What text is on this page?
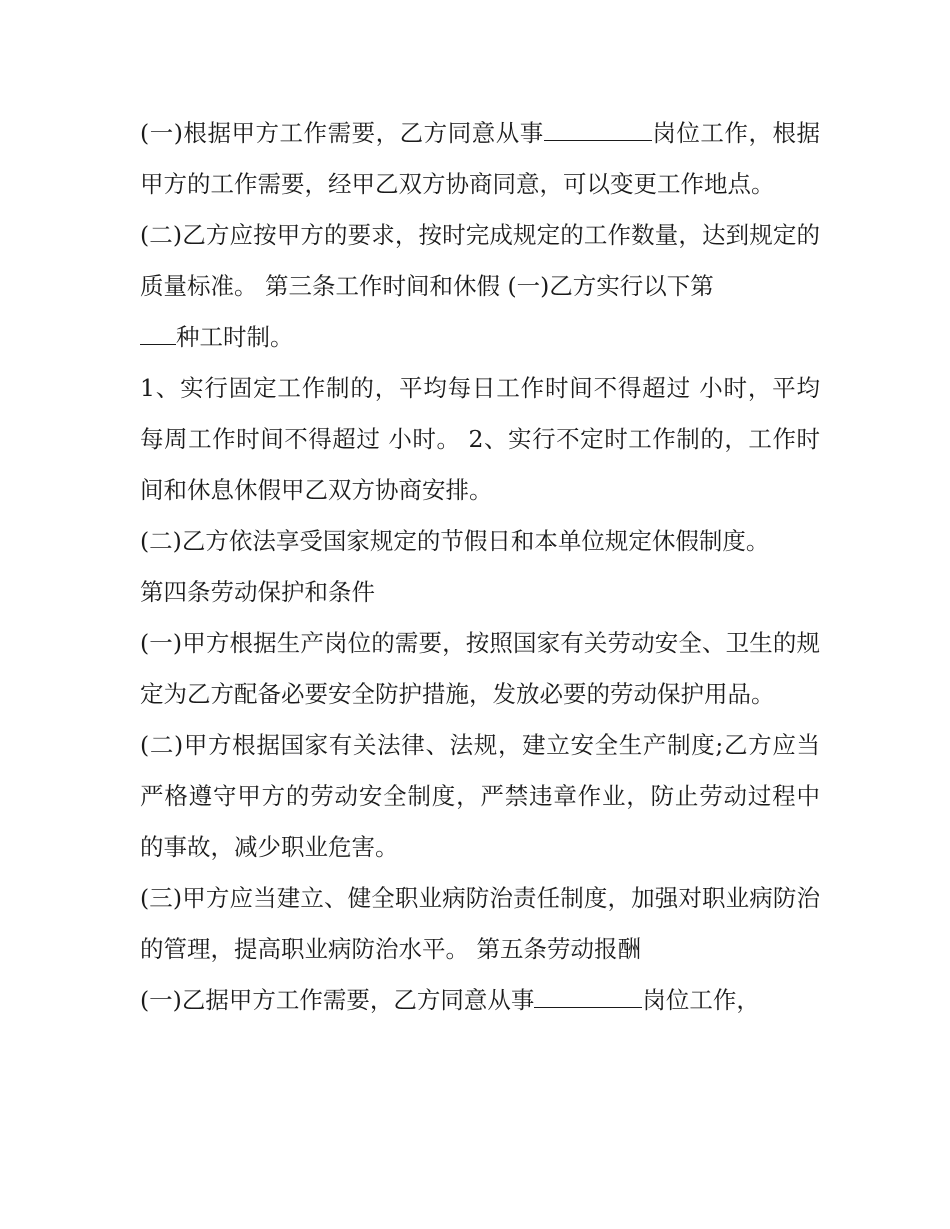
(一)根据甲方工作需要，乙方同意从事	岗位工作，根据甲方的工作需要，经甲乙双方协商同意，可以变更工作地点。

(二)乙方应按甲方的要求，按时完成规定的工作数量，达到规定的质量标准。 第三条工作时间和休假 (一)乙方实行以下第
种工时制。

1、实行固定工作制的，平均每日工作时间不得超过 小时，平均每周工作时间不得超过 小时。 2、实行不定时工作制的，工作时间和休息休假甲乙双方协商安排。

(二)乙方依法享受国家规定的节假日和本单位规定休假制度。

第四条劳动保护和条件

(一)甲方根据生产岗位的需要，按照国家有关劳动安全、卫生的规定为乙方配备必要安全防护措施，发放必要的劳动保护用品。

(二)甲方根据国家有关法律、法规，建立安全生产制度;乙方应当严格遵守甲方的劳动安全制度，严禁违章作业，防止劳动过程中的事故，减少职业危害。

(三)甲方应当建立、健全职业病防治责任制度，加强对职业病防治的管理，提高职业病防治水平。 第五条劳动报酬

(一)乙据甲方工作需要，乙方同意从事	岗位工作，
